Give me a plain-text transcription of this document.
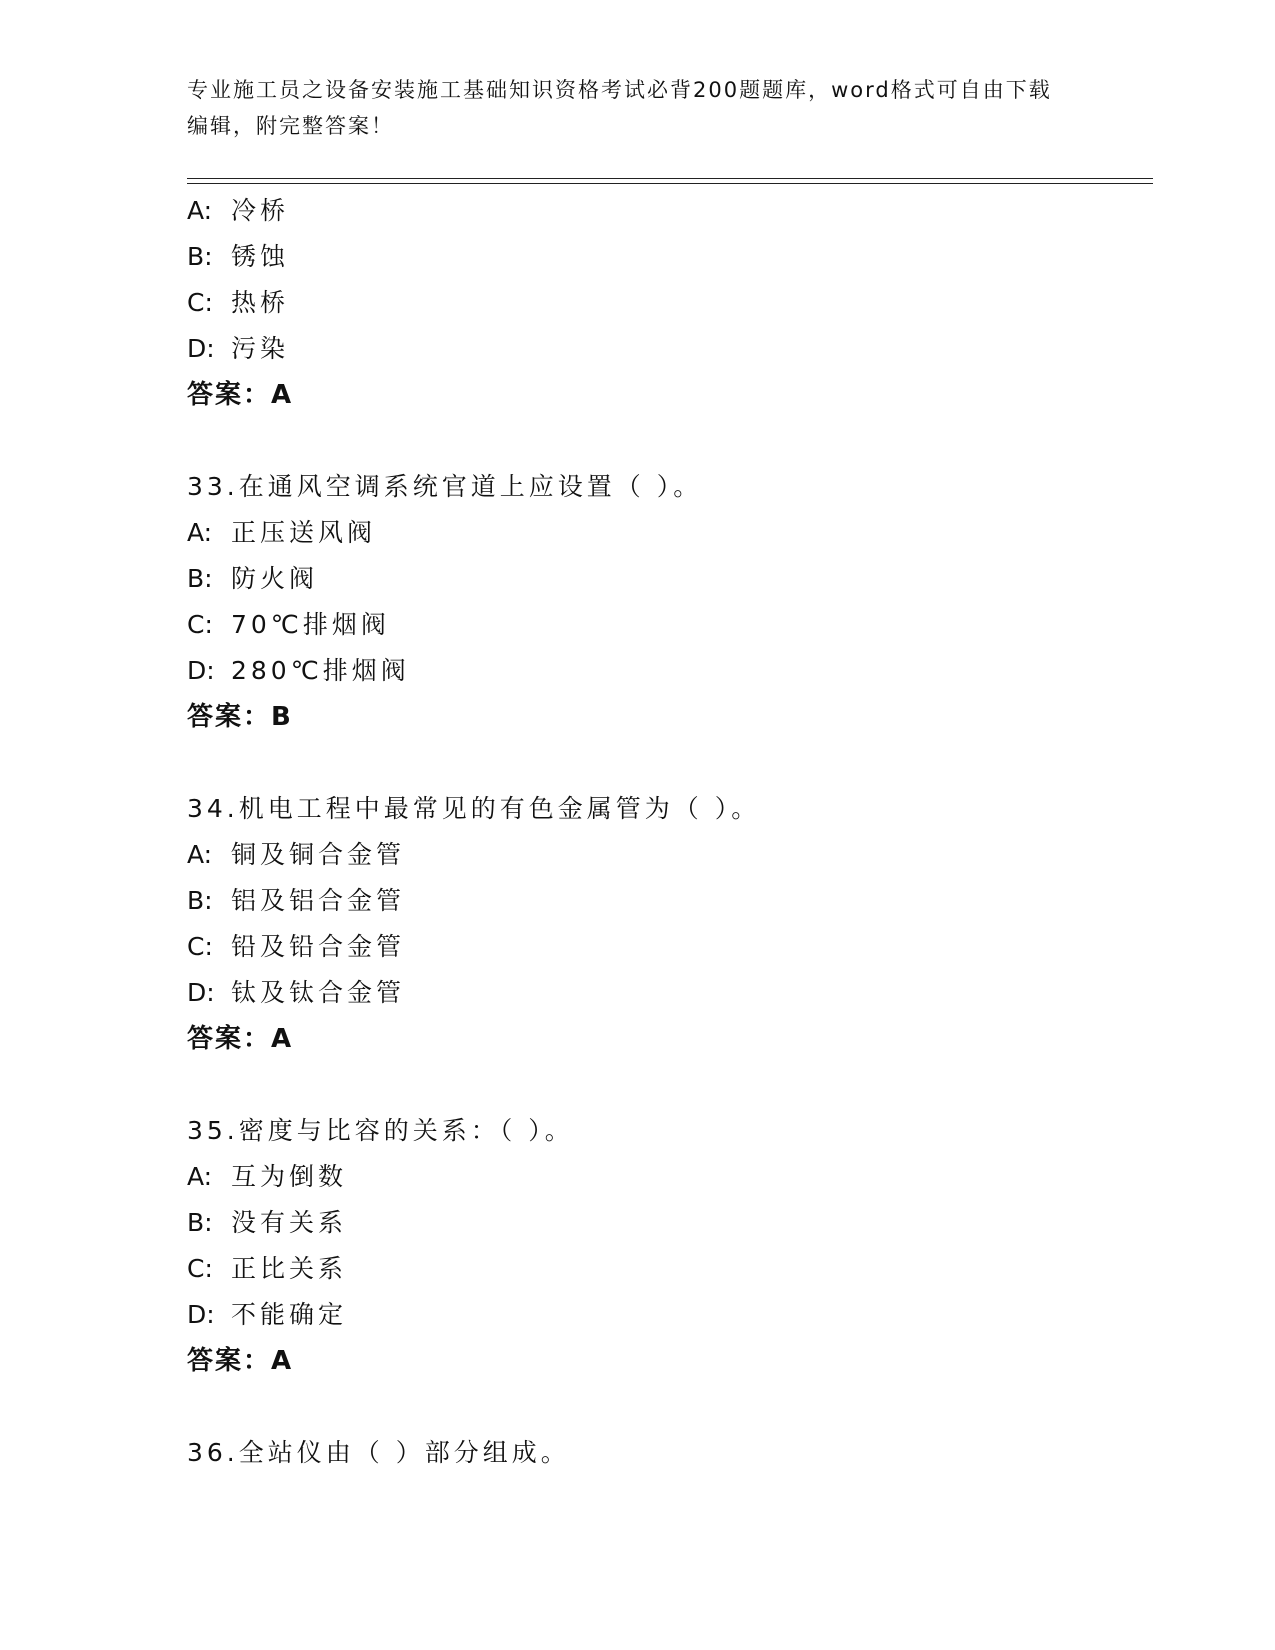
专业施工员之设备安装施工基础知识资格考试必背200题题库，word格式可自由下载编辑，附完整答案！
A: 冷桥
B: 锈蚀
C: 热桥
D: 污染
答案：A
33.在通风空调系统官道上应设置（ ）。
A: 正压送风阀
B: 防火阀
C: 70℃排烟阀
D: 280℃排烟阀
答案：B
34.机电工程中最常见的有色金属管为（ ）。
A: 铜及铜合金管
B: 铝及铝合金管
C: 铅及铅合金管
D: 钛及钛合金管
答案：A
35.密度与比容的关系：（ ）。
A: 互为倒数
B: 没有关系
C: 正比关系
D: 不能确定
答案：A
36.全站仪由（ ）部分组成。
